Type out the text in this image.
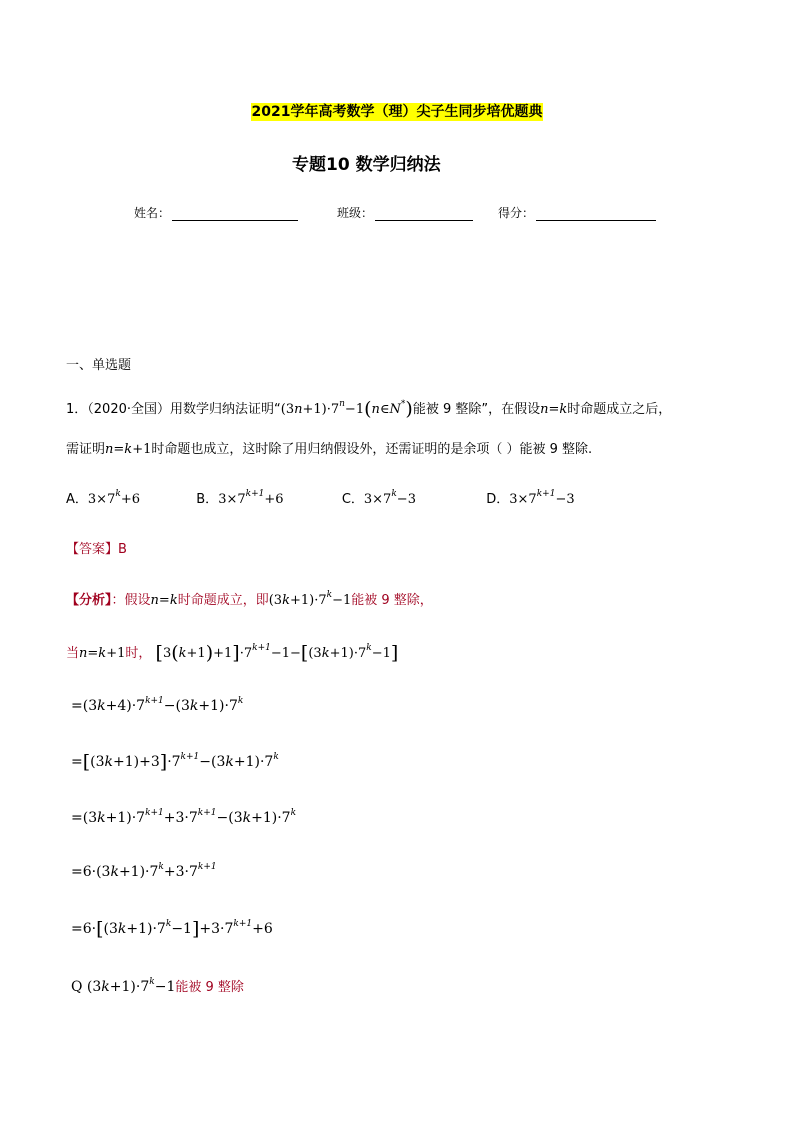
2021学年高考数学（理）尖子生同步培优题典
专题10 数学归纳法
姓名：	班级：	得分：
一、单选题
1．（2020·全国）用数学归纳法证明“$(3n+1)\cdot 7^n-1(n\in N^*)$能被 9 整除”，在假设n=k时命题成立之后，
需证明n=k+1时命题也成立，这时除了用归纳假设外，还需证明的是余项（ ）能被 9 整除.
A．$3\times 7^k+6$	B．$3\times 7^{k+1}+6$	C．$3\times 7^k-3$	D．$3\times 7^{k+1}-3$
【答案】B
【分析】：假设n=k时命题成立，即$(3k+1)\cdot 7^k-1$能被 9 整除，
当n=k+1时， $[3(k+1)+1]\cdot 7^{k+1}-1-[(3k+1)\cdot 7^k-1]$
$=(3k+4)\cdot 7^{k+1}-(3k+1)\cdot 7^k$
$=[(3k+1)+3]\cdot 7^{k+1}-(3k+1)\cdot 7^k$
$=(3k+1)\cdot 7^{k+1}+3\cdot 7^{k+1}-(3k+1)\cdot 7^k$
$=6\cdot(3k+1)\cdot 7^k+3\cdot 7^{k+1}$
$=6\cdot[(3k+1)\cdot 7^k-1]+3\cdot 7^{k+1}+6$
Q $(3k+1)\cdot 7^k-1$能被 9 整除
